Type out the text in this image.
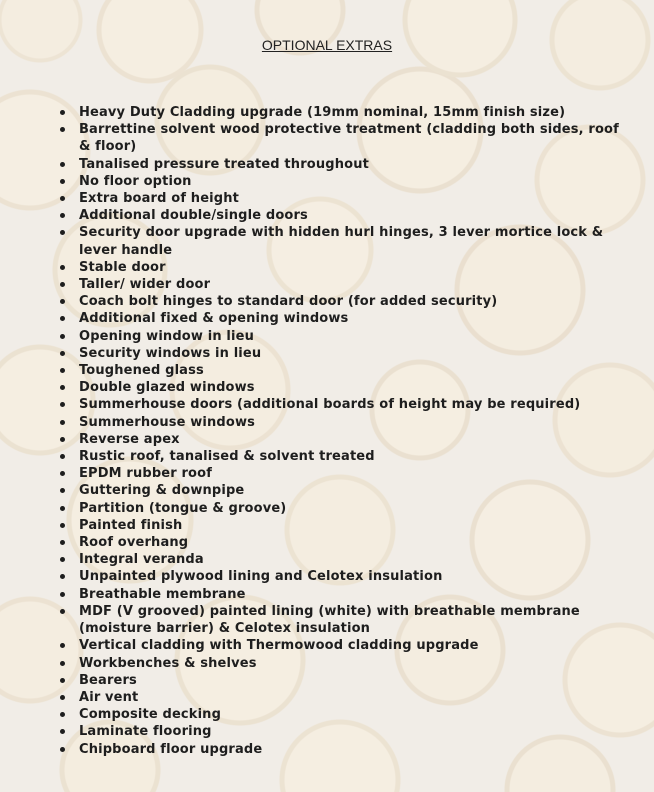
OPTIONAL EXTRAS
Heavy Duty Cladding upgrade (19mm nominal, 15mm finish size)
Barrettine solvent wood protective treatment (cladding both sides, roof & floor)
Tanalised pressure treated throughout
No floor option
Extra board of height
Additional double/single doors
Security door upgrade with hidden hurl hinges, 3 lever mortice lock & lever handle
Stable door
Taller/ wider door
Coach bolt hinges to standard door (for added security)
Additional fixed & opening windows
Opening window in lieu
Security windows in lieu
Toughened glass
Double glazed windows
Summerhouse doors (additional boards of height may be required)
Summerhouse windows
Reverse apex
Rustic roof, tanalised & solvent treated
EPDM rubber roof
Guttering & downpipe
Partition (tongue & groove)
Painted finish
Roof overhang
Integral veranda
Unpainted plywood lining and Celotex insulation
Breathable membrane
MDF (V grooved) painted lining (white) with breathable membrane (moisture barrier) & Celotex insulation
Vertical cladding with Thermowood cladding upgrade
Workbenches & shelves
Bearers
Air vent
Composite decking
Laminate flooring
Chipboard floor upgrade
